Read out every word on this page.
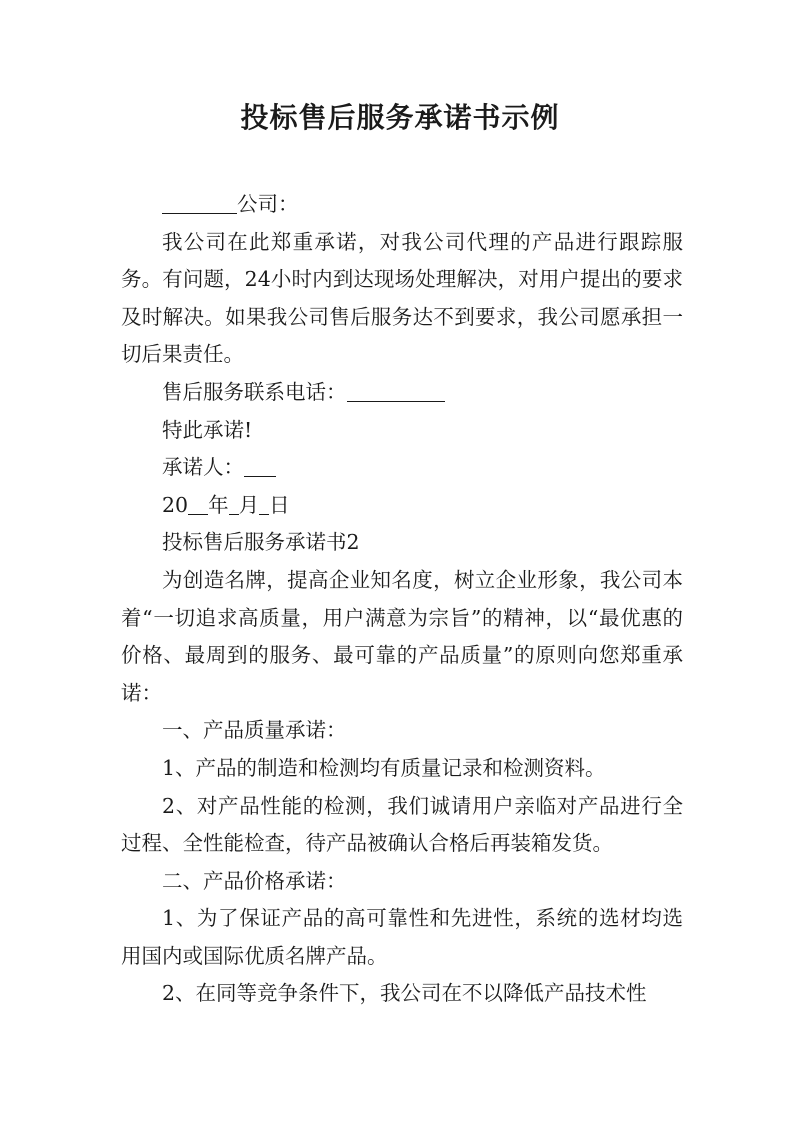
投标售后服务承诺书示例

公司：

我公司在此郑重承诺，对我公司代理的产品进行跟踪服务。有问题，24小时内到达现场处理解决，对用户提出的要求及时解决。如果我公司售后服务达不到要求，我公司愿承担一切后果责任。

售后服务联系电话：

特此承诺!

承诺人：

20 年 月 日

投标售后服务承诺书2

为创造名牌，提高企业知名度，树立企业形象，我公司本着“一切追求高质量，用户满意为宗旨”的精神，以“最优惠的价格、最周到的服务、最可靠的产品质量”的原则向您郑重承诺：

一、产品质量承诺：

1、产品的制造和检测均有质量记录和检测资料。

2、对产品性能的检测，我们诚请用户亲临对产品进行全过程、全性能检查，待产品被确认合格后再装箱发货。

二、产品价格承诺：

1、为了保证产品的高可靠性和先进性，系统的选材均选用国内或国际优质名牌产品。

2、在同等竞争条件下，我公司在不以降低产品技术性
